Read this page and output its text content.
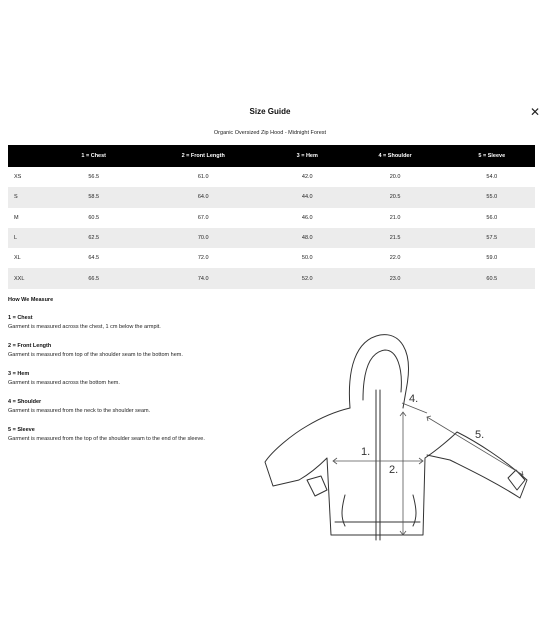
Size Guide	✕
Organic Oversized Zip Hood - Midnight Forest
	1 = Chest	2 = Front Length	3 = Hem	4 = Shoulder	5 = Sleeve
XS	56.5	61.0	42.0	20.0	54.0
S	58.5	64.0	44.0	20.5	55.0
M	60.5	67.0	46.0	21.0	56.0
L	62.5	70.0	48.0	21.5	57.5
XL	64.5	72.0	50.0	22.0	59.0
XXL	66.5	74.0	52.0	23.0	60.5
How We Measure
1 = Chest
Garment is measured across the chest, 1 cm below the armpit.
2 = Front Length
Garment is measured from top of the shoulder seam to the bottom hem.
3 = Hem
Garment is measured across the bottom hem.
4 = Shoulder
Garment is measured from the neck to the shoulder seam.
5 = Sleeve
Garment is measured from the top of the shoulder seam to the end of the sleeve.
1.
2.
4.
5.
